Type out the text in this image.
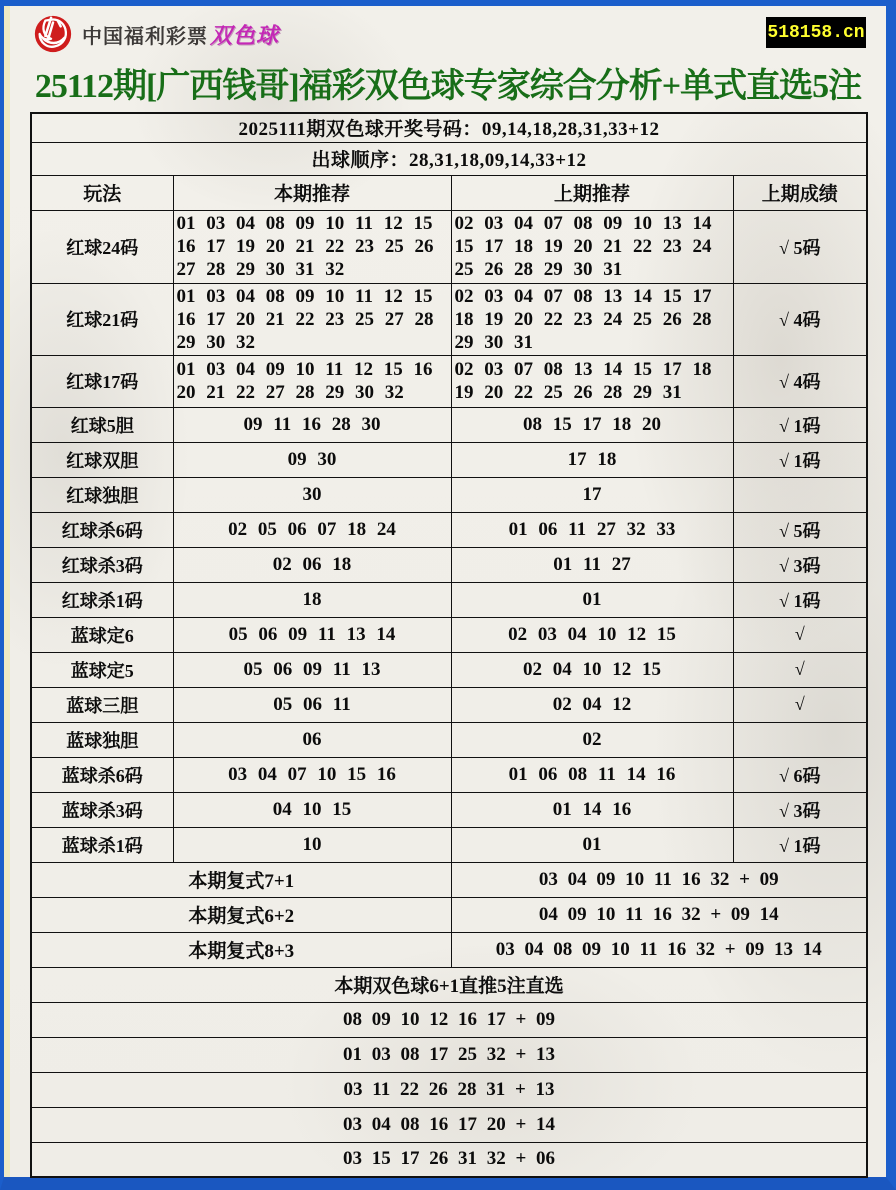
中国福利彩票 双色球	518158.cn
25112期[广西钱哥]福彩双色球专家综合分析+单式直选5注
2025111期双色球开奖号码：09,14,18,28,31,33+12			
出球顺序：28,31,18,09,14,33+12			
玩法	本期推荐	上期推荐	上期成绩
红球24码	01 03 04 08 09 10 11 12 15 16 17 19 20 21 22 23 25 26 27 28 29 30 31 32	02 03 04 07 08 09 10 13 14 15 17 18 19 20 21 22 23 24 25 26 28 29 30 31	√ 5码
红球21码	01 03 04 08 09 10 11 12 15 16 17 20 21 22 23 25 27 28 29 30 32	02 03 04 07 08 13 14 15 17 18 19 20 22 23 24 25 26 28 29 30 31	√ 4码
红球17码	01 03 04 09 10 11 12 15 16 20 21 22 27 28 29 30 32	02 03 07 08 13 14 15 17 18 19 20 22 25 26 28 29 31	√ 4码
红球5胆	09 11 16 28 30	08 15 17 18 20	√ 1码
红球双胆	09 30	17 18	√ 1码
红球独胆	30	17	
红球杀6码	02 05 06 07 18 24	01 06 11 27 32 33	√ 5码
红球杀3码	02 06 18	01 11 27	√ 3码
红球杀1码	18	01	√ 1码
蓝球定6	05 06 09 11 13 14	02 03 04 10 12 15	√
蓝球定5	05 06 09 11 13	02 04 10 12 15	√
蓝球三胆	05 06 11	02 04 12	√
蓝球独胆	06	02	
蓝球杀6码	03 04 07 10 15 16	01 06 08 11 14 16	√ 6码
蓝球杀3码	04 10 15	01 14 16	√ 3码
蓝球杀1码	10	01	√ 1码
本期复式7+1		03 04 09 10 11 16 32 + 09	
本期复式6+2		04 09 10 11 16 32 + 09 14	
本期复式8+3		03 04 08 09 10 11 16 32 + 09 13 14	
本期双色球6+1直推5注直选			
08 09 10 12 16 17 + 09			
01 03 08 17 25 32 + 13			
03 11 22 26 28 31 + 13			
03 04 08 16 17 20 + 14			
03 15 17 26 31 32 + 06			
